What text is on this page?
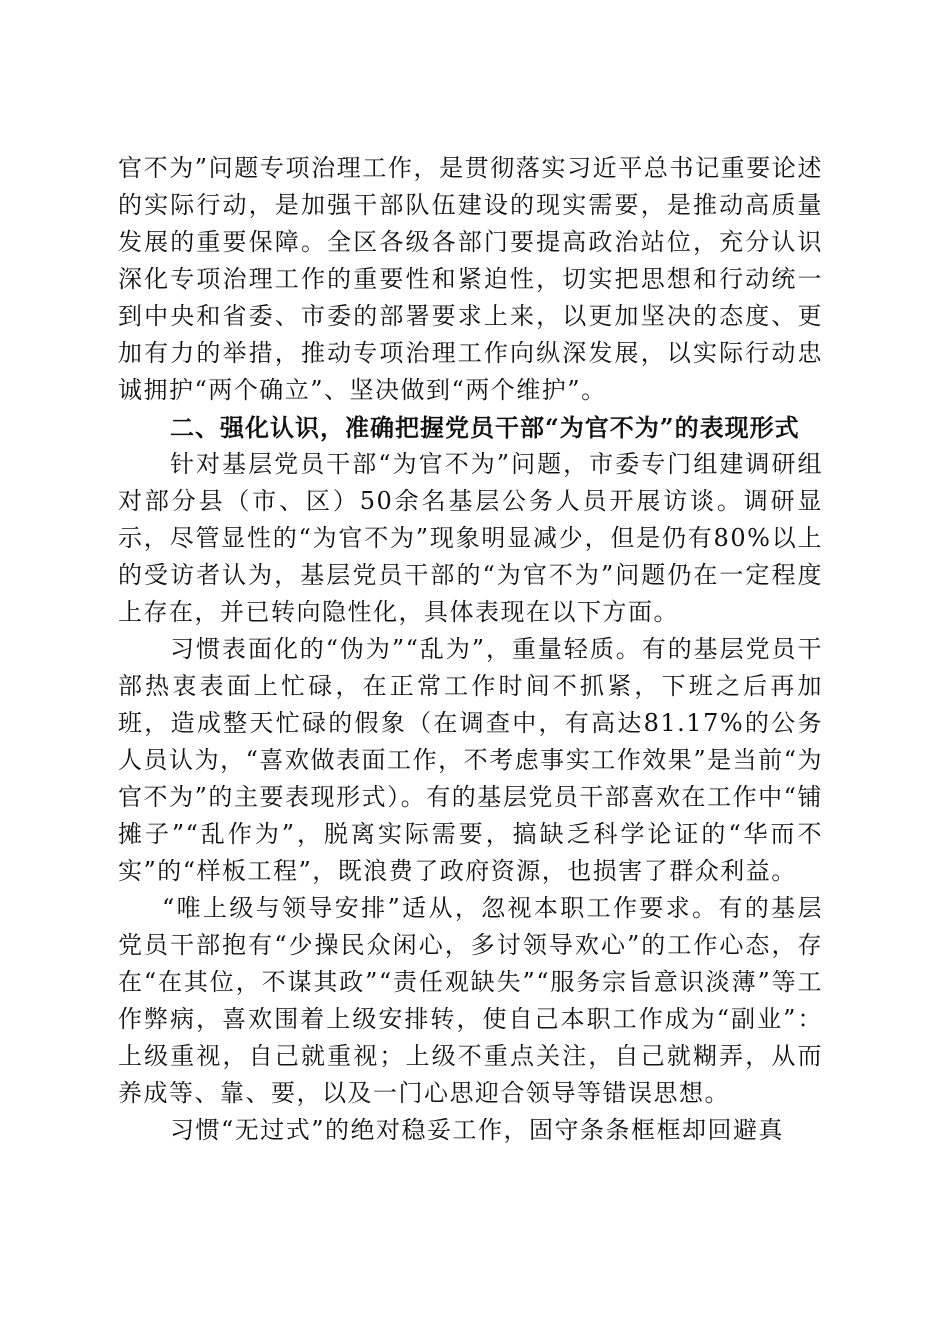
官不为”问题专项治理工作，是贯彻落实习近平总书记重要论述的实际行动，是加强干部队伍建设的现实需要，是推动高质量发展的重要保障。全区各级各部门要提高政治站位，充分认识深化专项治理工作的重要性和紧迫性，切实把思想和行动统一到中央和省委、市委的部署要求上来，以更加坚决的态度、更加有力的举措，推动专项治理工作向纵深发展，以实际行动忠诚拥护“两个确立”、坚决做到“两个维护”。

二、强化认识，准确把握党员干部“为官不为”的表现形式

针对基层党员干部“为官不为”问题，市委专门组建调研组对部分县（市、区）50余名基层公务人员开展访谈。调研显示，尽管显性的“为官不为”现象明显减少，但是仍有80%以上的受访者认为，基层党员干部的“为官不为”问题仍在一定程度上存在，并已转向隐性化，具体表现在以下方面。

习惯表面化的“伪为”“乱为”，重量轻质。有的基层党员干部热衷表面上忙碌，在正常工作时间不抓紧，下班之后再加班，造成整天忙碌的假象（在调查中，有高达81.17%的公务人员认为，“喜欢做表面工作，不考虑事实工作效果”是当前“为官不为”的主要表现形式）。有的基层党员干部喜欢在工作中“铺摊子”“乱作为”，脱离实际需要，搞缺乏科学论证的“华而不实”的“样板工程”，既浪费了政府资源，也损害了群众利益。

“唯上级与领导安排”适从，忽视本职工作要求。有的基层党员干部抱有“少操民众闲心，多讨领导欢心”的工作心态，存在“在其位，不谋其政”“责任观缺失”“服务宗旨意识淡薄”等工作弊病，喜欢围着上级安排转，使自己本职工作成为“副业”：上级重视，自己就重视；上级不重点关注，自己就糊弄，从而养成等、靠、要，以及一门心思迎合领导等错误思想。

习惯“无过式”的绝对稳妥工作，固守条条框框却回避真
